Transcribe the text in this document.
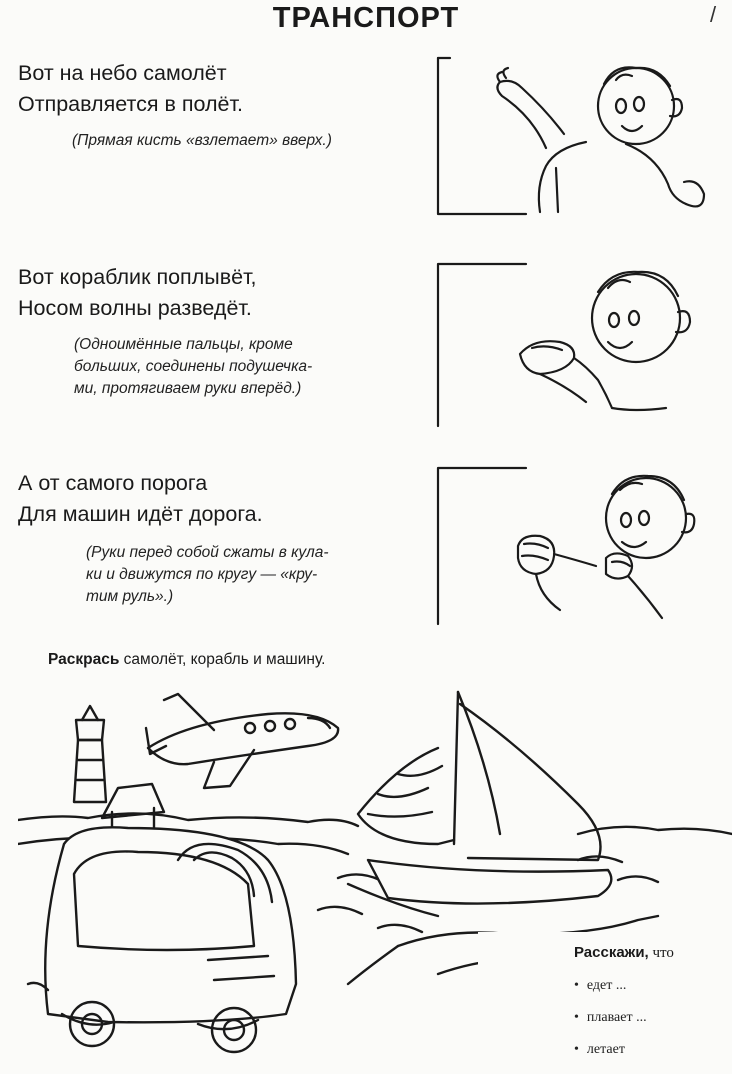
ТРАНСПОРТ	/
Вот на небо самолёт
Отправляется в полёт.
(Прямая кисть «взлетает» вверх.)
Вот кораблик поплывёт,
Носом волны разведёт.
(Одноимённые пальцы, кроме
больших, соединены подушечка-
ми, протягиваем руки вперёд.)
А от самого порога
Для машин идёт дорога.
(Руки перед собой сжаты в кула-
ки и движутся по кругу — «кру-
тим руль».)
Раскрась самолёт, корабль и машину.
Расскажи, что
• едет ...
• плавает ...
• летает
